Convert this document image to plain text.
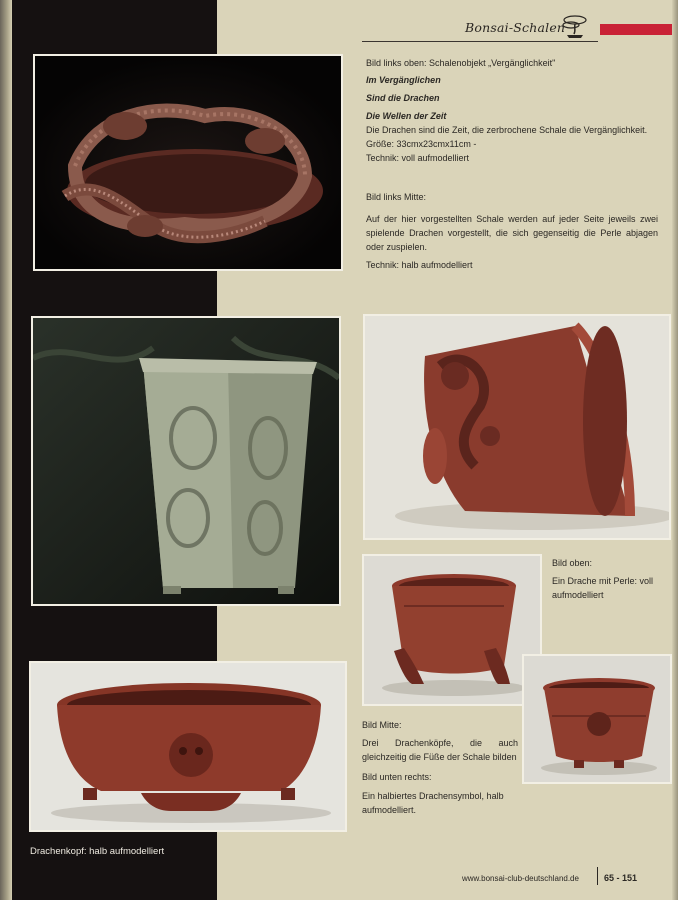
Bonsai-Schalen

Bild links oben: Schalenobjekt „Vergänglichkeit"

Im Vergänglichen

Sind die Drachen

Die Wellen der Zeit

Die Drachen sind die Zeit, die zerbrochene Schale die Vergänglichkeit. Größe: 33cmx23cmx11cm -

Technik: voll aufmodelliert

Bild links Mitte:

Auf der hier vorgestellten Schale werden auf jeder Seite jeweils zwei spielende Drachen vorgestellt, die sich gegenseitig die Perle abjagen oder zuspielen.

Technik: halb aufmodelliert

Bild oben:

Ein Drache mit Perle: voll aufmodelliert

Bild Mitte:

Drei Drachenköpfe, die auch gleichzeitig die Füße der Schale bilden

Bild unten rechts:

Ein halbiertes Drachensymbol, halb aufmodelliert.

Drachenkopf: halb aufmodelliert
www.bonsai-club-deutschland.de	65 - 151
